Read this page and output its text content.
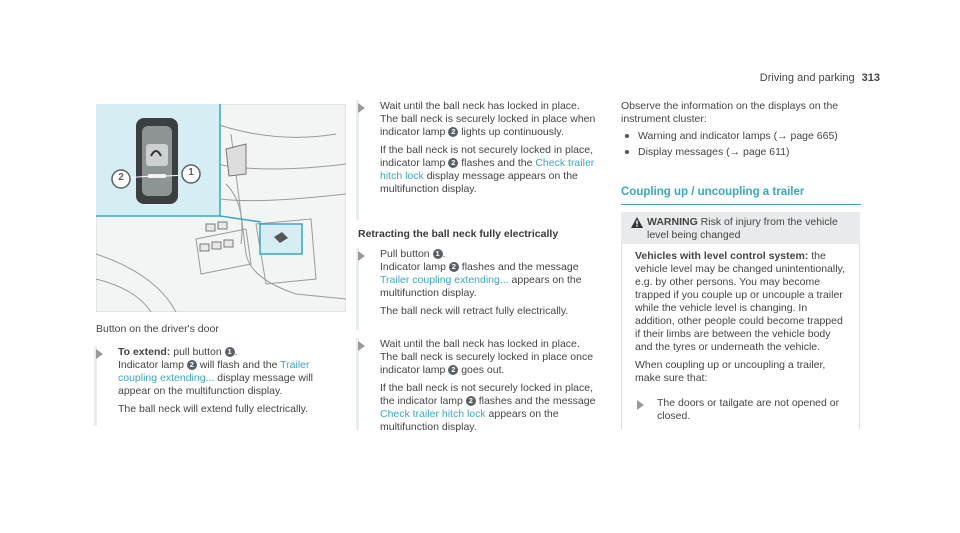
Driving and parking 313
2	1
Button on the driver's door

To extend: pull button 1 .
Indicator lamp 2 will flash and the Trailer coupling extending... display message will appear on the multifunction display.

The ball neck will extend fully electrically.

Wait until the ball neck has locked in place. The ball neck is securely locked in place when indicator lamp 2 lights up continuously.

If the ball neck is not securely locked in place, indicator lamp 2 flashes and the Check trailer hitch lock display message appears on the multifunction display.

Retracting the ball neck fully electrically

Pull button 1 .
Indicator lamp 2 flashes and the message Trailer coupling extending... appears on the multifunction display.

The ball neck will retract fully electrically.

Wait until the ball neck has locked in place. The ball neck is securely locked in place once indicator lamp 2 goes out.

If the ball neck is not securely locked in place, the indicator lamp 2 flashes and the message Check trailer hitch lock appears on the multifunction display.

Observe the information on the displays on the instrument cluster:

Warning and indicator lamps (→ page 665)
Display messages (→ page 611)
Coupling up / uncoupling a trailer
WARNING Risk of injury from the vehicle level being changed

Vehicles with level control system: the vehicle level may be changed unintentionally, e.g. by other persons. You may become trapped if you couple up or uncouple a trailer while the vehicle level is changing. In addition, other people could become trapped if their limbs are between the vehicle body and the tyres or underneath the vehicle.

When coupling up or uncoupling a trailer, make sure that:

The doors or tailgate are not opened or closed.
